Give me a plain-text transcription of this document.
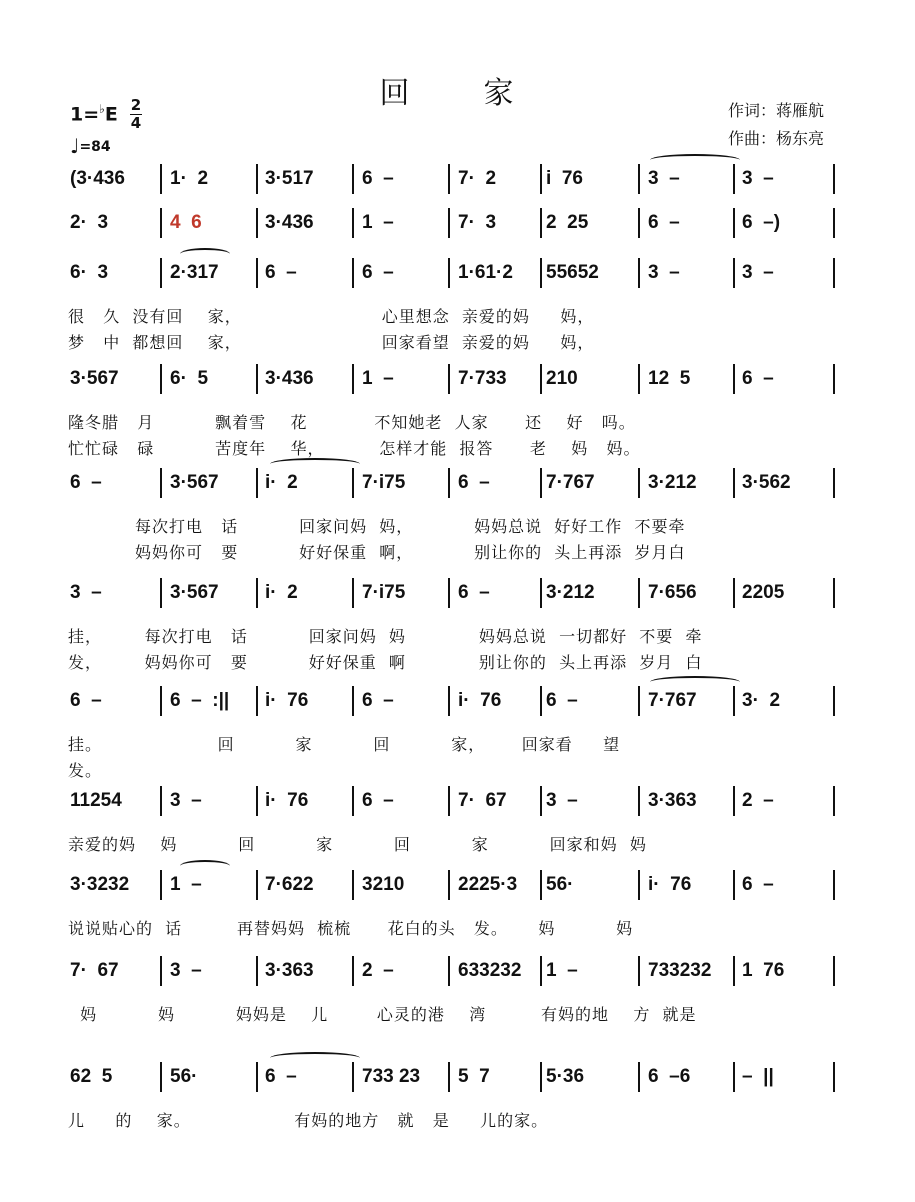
回　家
1=♭E 2
4
♩=84
作词：蒋雁航
作曲：杨东亮
(3·436 1·  2	3·517	6  –	7·  2	i  76	3  –	3  –
2·  3	4  6	3·436	1  –	7·  3	2  25	6  –	6  –)
6·  3	2·317 6  –	6  –	1·61·2 55652	3  –	3  –
很   久  没有回    家，                       心里想念  亲爱的妈     妈，
梦   中  都想回    家，                       回家看望  亲爱的妈     妈，
3·567	6·  5	3·436	1  –	7·733 210	12  5	6  –
隆冬腊   月          飘着雪    花           不知她老  人家      还    好   吗。
忙忙碌   碌          苦度年    华，         怎样才能  报答      老    妈   妈。
6  –	3·567 i·  2	7·i75	6  –	7·767	3·212 3·562
每次打电   话          回家问妈  妈，          妈妈总说  好好工作  不要牵
妈妈你可   要          好好保重  啊，          别让你的  头上再添  岁月白
3  –	3·567 i·  2	7·i75	6  –	3·212	7·656 2205
挂，       每次打电   话          回家问妈  妈            妈妈总说  一切都好  不要  牵
发，       妈妈你可   要          好好保重  啊            别让你的  头上再添  岁月  白
6  –	6  –  :|| i·  76	6  –	i·  76 6  –	7·767 3·  2
挂。                   回          家          回          家，      回家看     望
发。
11254	3  –	i·  76	6  –	7·  67 3  –	3·363 2  –
亲爱的妈    妈          回          家          回          家          回家和妈  妈
3·3232 1  –	7·622	3210	2225·3 56·	i·  76	6  –
说说贴心的  话         再替妈妈  梳梳      花白的头   发。     妈          妈
7·  67	3  –	3·363	2  –	633232 1  –	733232 1  76
妈          妈          妈妈是    儿        心灵的港    湾         有妈的地    方  就是
62  5	56·	6  –	733 23 5  7	5·36	6  –6	–  ||
儿     的    家。                 有妈的地方   就   是     儿的家。
